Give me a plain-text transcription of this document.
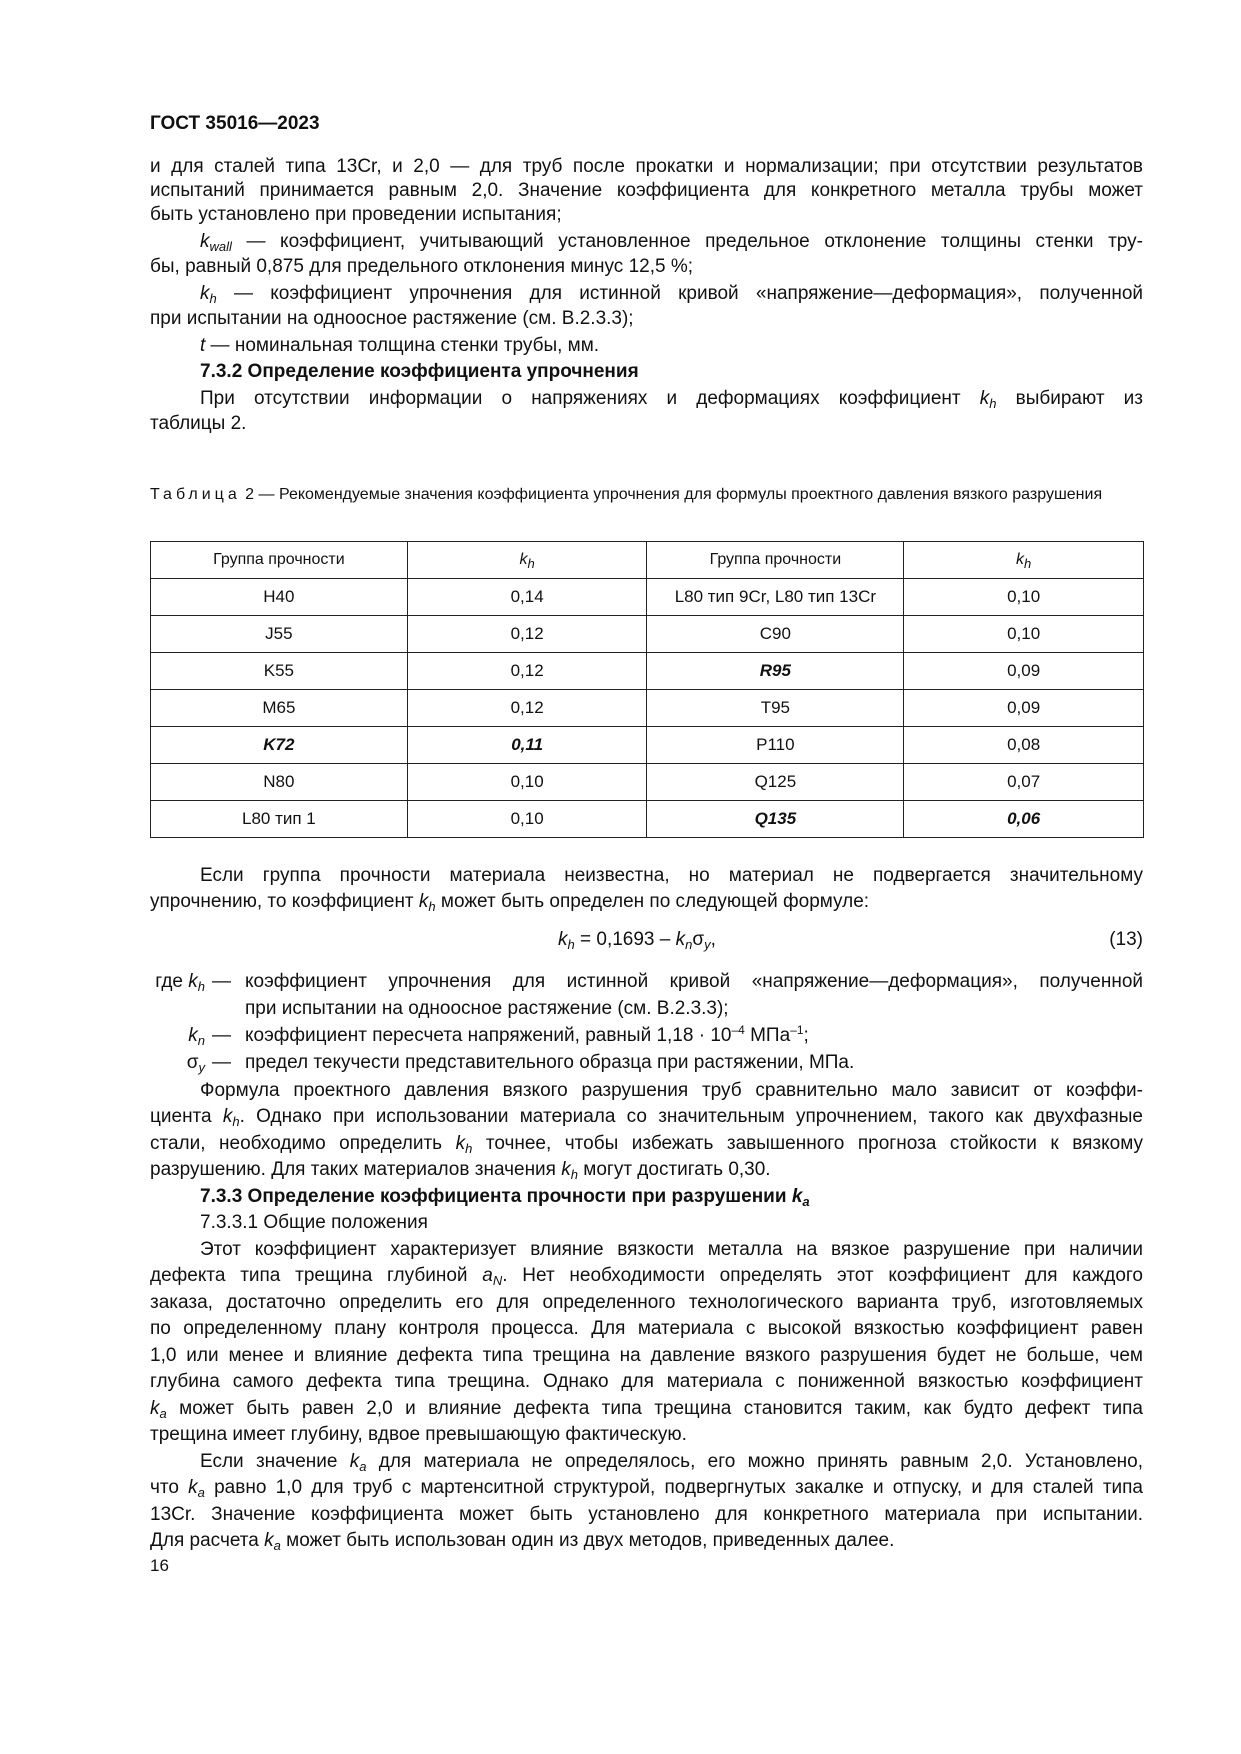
ГОСТ 35016—2023
и для сталей типа 13Cr, и 2,0 — для труб после прокатки и нормализации; при отсутствии результатов
испытаний принимается равным 2,0. Значение коэффициента для конкретного металла трубы может
быть установлено при проведении испытания;
$k_{wall}$ — коэффициент, учитывающий установленное предельное отклонение толщины стенки тру-
бы, равный 0,875 для предельного отклонения минус 12,5 %;
$k_h$ — коэффициент упрочнения для истинной кривой «напряжение—деформация», полученной
при испытании на одноосное растяжение (см. В.2.3.3);
t — номинальная толщина стенки трубы, мм.
7.3.2 Определение коэффициента упрочнения
При отсутствии информации о напряжениях и деформациях коэффициент $k_h$ выбирают из
таблицы 2.
Таблица 2 — Рекомендуемые значения коэффициента упрочнения для формулы проектного давления вязкого разрушения
Группа прочности	$k_h$	Группа прочности	$k_h$
H40	0,14	L80 тип 9Cr, L80 тип 13Cr	0,10
J55	0,12	C90	0,10
K55	0,12	R95	0,09
M65	0,12	T95	0,09
K72	0,11	P110	0,08
N80	0,10	Q125	0,07
L80 тип 1	0,10	Q135	0,06
Если группа прочности материала неизвестна, но материал не подвергается значительному
упрочнению, то коэффициент $k_h$ может быть определен по следующей формуле:
$k_h = 0,1693 - k_n\sigma_y$,	(13)
где $k_h$ — коэффициент упрочнения для истинной кривой «напряжение—деформация», полученной
при испытании на одноосное растяжение (см. В.2.3.3);
$k_n$ — коэффициент пересчета напряжений, равный $1,18 \cdot 10^{-4}$ МПа$^{-1}$;
$\sigma_y$ — предел текучести представительного образца при растяжении, МПа.
Формула проектного давления вязкого разрушения труб сравнительно мало зависит от коэффи-
циента $k_h$. Однако при использовании материала со значительным упрочнением, такого как двухфазные
стали, необходимо определить $k_h$ точнее, чтобы избежать завышенного прогноза стойкости к вязкому
разрушению. Для таких материалов значения $k_h$ могут достигать 0,30.
7.3.3 Определение коэффициента прочности при разрушении $k_a$
7.3.3.1 Общие положения
Этот коэффициент характеризует влияние вязкости металла на вязкое разрушение при наличии
дефекта типа трещина глубиной $a_N$. Нет необходимости определять этот коэффициент для каждого
заказа, достаточно определить его для определенного технологического варианта труб, изготовляемых
по определенному плану контроля процесса. Для материала с высокой вязкостью коэффициент равен
1,0 или менее и влияние дефекта типа трещина на давление вязкого разрушения будет не больше, чем
глубина самого дефекта типа трещина. Однако для материала с пониженной вязкостью коэффициент
$k_a$ может быть равен 2,0 и влияние дефекта типа трещина становится таким, как будто дефект типа
трещина имеет глубину, вдвое превышающую фактическую.
Если значение $k_a$ для материала не определялось, его можно принять равным 2,0. Установлено,
что $k_a$ равно 1,0 для труб с мартенситной структурой, подвергнутых закалке и отпуску, и для сталей типа
13Cr. Значение коэффициента может быть установлено для конкретного материала при испытании.
Для расчета $k_a$ может быть использован один из двух методов, приведенных далее.
16
